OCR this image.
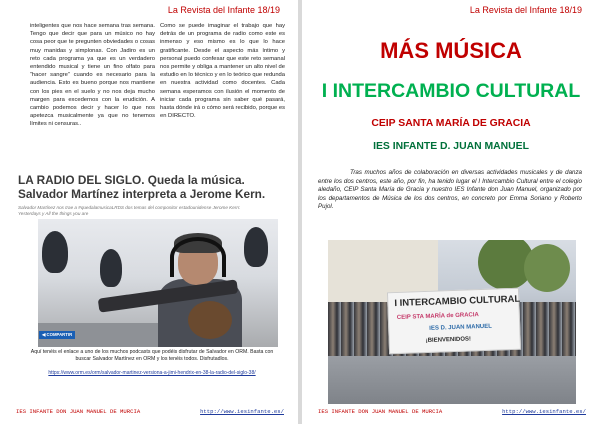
La Revista del Infante 18/19
inteligentes que nos hace semana tras semana. Tengo que decir que para un músico no hay cosa peor que te pregunten obviedades o cosas muy manidas y simplonas. Con Jadiro es un reto cada programa ya que es un verdadero entendido musical y tiene un fino olfato para “hacer sangre” cuando es necesario para la audiencia. Esto es bueno porque nos mantiene con los pies en el suelo y no nos deja mucho margen para excedernos con la erudición. A cambio podemos decir y hacer lo que nos apetezca musicalmente ya que no tenemos límites ni censuras..
Como se puede imaginar el trabajo que hay detrás de un programa de radio como este es inmenso y eso mismo es lo que lo hace gratificante. Desde el aspecto más íntimo y personal puedo confesar que este reto semanal nos permite y obliga a mantener un alto nivel de estudio en lo técnico y en lo teórico que redunda en nuestra actividad como docentes. Cada semana esperamos con ilusión el momento de iniciar cada programa sin saber qué pasará, hasta dónde irá o cómo será recibido, porque es en DIRECTO.
LA RADIO DEL SIGLO. Queda la música.
Salvador Martínez interpreta a Jerome Kern.
Salvador Martínez nos trae a #quedalamusicaLRDS dos temas del compositor estadounidense Jerome Kern:
Yesterdays y All the things you are
◀ COMPARTIR
Aquí tenéis el enlace a uno de los muchos podcasts que podéis disfrutar de Salvador en ORM. Basta con buscar Salvador Martínez en ORM y los tenéis todos. Disfrutadlos.
https://www.orm.es/orm/salvador-martinez-versiona-a-jimi-hendrix-en-38-la-radio-del-siglo-38/
IES INFANTE DON JUAN MANUEL DE MURCIA	http://www.iesinfante.es/
La Revista del Infante 18/19
MÁS MÚSICA
I INTERCAMBIO CULTURAL
CEIP SANTA MARÍA DE GRACIA
IES INFANTE D. JUAN MANUEL

Tras muchos años de colaboración en diversas actividades musicales y de danza entre los dos centros, este año, por fin, ha tenido lugar el I Intercambio Cultural entre el colegio aledaño, CEIP Santa María de Gracia y nuestro IES Infante don Juan Manuel, organizado por los departamentos de Música de los dos centros, en concreto por Emma Soriano y Roberto Pujol.

I INTERCAMBIO CULTURAL
CEIP STA MARÍA de GRACIA
IES D. JUAN MANUEL
¡BIENVENIDOS!
IES INFANTE DON JUAN MANUEL DE MURCIA	http://www.iesinfante.es/
